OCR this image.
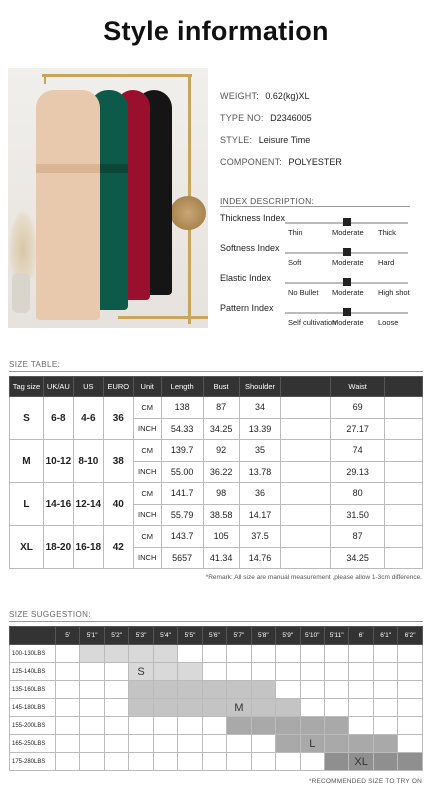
Style information
WEIGHT: 0.62(kg)XL
TYPE NO: D2346005
STYLE: Leisure Time
COMPONENT: POLYESTER
INDEX DESCRIPTION:
Thickness Index
Thin	Moderate Thick
Softness Index
Soft	Moderate Hard
Elastic Index
No Bullet Moderate High shot
Pattern Index
Self cultivation
Moderate Loose
SIZE TABLE:
Tag size	UK/AU	US	EURO	Unit	Length	Bust	Shoulder		Waist	
S	6-8	4-6	36	CM	138	87	34		69	
				INCH	54.33	34.25	13.39		27.17	
M	10-12	8-10	38	CM	139.7	92	35		74	
				INCH	55.00	36.22	13.78		29.13	
L	14-16	12-14	40	CM	141.7	98	36		80	
				INCH	55.79	38.58	14.17		31.50	
XL	18-20	16-18	42	CM	143.7	105	37.5		87	
				INCH	5657	41.34	14.76		34.25	
*Remark: All size are manual measurement ,please allow 1-3cm difference.
SIZE SUGGESTION:
	5'	5'1"	5'2"	5'3"	5'4"	5'5"	5'6"	5'7"	5'8"	5'9"	5'10"	5'11"	6'	6'1"	6'2"
100-130LBS															
125-140LBS				S											
135-160LBS															
145-180LBS								M							
155-200LBS															
165-250LBS											L				
175-280LBS													XL		
*RECOMMENDED SIZE TO TRY ON
